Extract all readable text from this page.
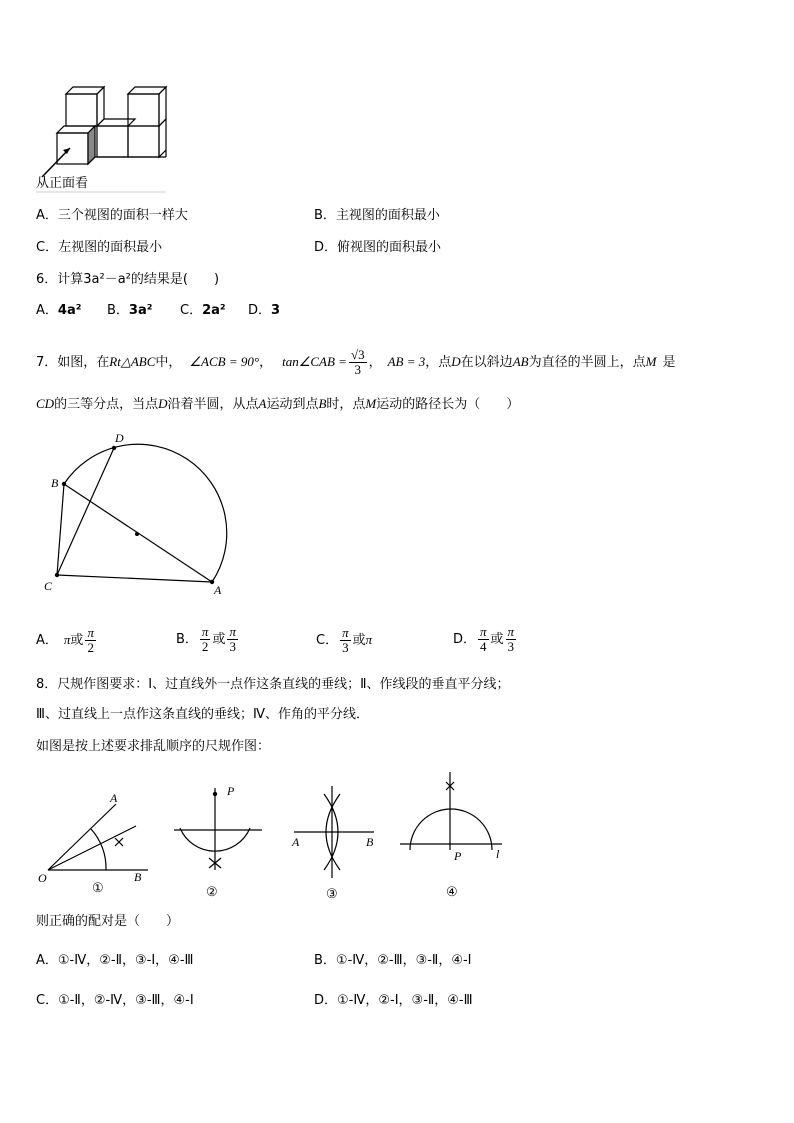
从正面看
A．三个视图的面积一样大	B．主视图的面积最小
C．左视图的面积最小	D．俯视图的面积最小
6．计算3a²－a²的结果是(　　)
A．4a² B．3a² C．2a² D．3
7．如图，在Rt△ABC中， ∠ACB = 90°， tan∠CAB = $\frac{√3}{3}$ ， AB = 3，点D在以斜边AB为直径的半圆上，点M 是
CD的三等分点，当点D沿着半圆，从点A运动到点B时，点M运动的路径长为（　　）
D
B
C	A
A． π或 $\frac{\pi}{2}$	B． $\frac{\pi}{2}$ 或 $\frac{\pi}{3}$	C． $\frac{\pi}{3}$ 或π	D． $\frac{\pi}{4}$ 或 $\frac{\pi}{3}$
8．尺规作图要求：Ⅰ、过直线外一点作这条直线的垂线；Ⅱ、作线段的垂直平分线；
Ⅲ、过直线上一点作这条直线的垂线；Ⅳ、作角的平分线．
如图是按上述要求排乱顺序的尺规作图：
A
O	B
①
P
②
A	B
③
P	l
④
则正确的配对是（　　）
A．①-Ⅳ，②-Ⅱ，③-Ⅰ，④-Ⅲ	B．①-Ⅳ，②-Ⅲ，③-Ⅱ，④-Ⅰ
C．①-Ⅱ，②-Ⅳ，③-Ⅲ，④-Ⅰ	D．①-Ⅳ，②-Ⅰ，③-Ⅱ，④-Ⅲ
